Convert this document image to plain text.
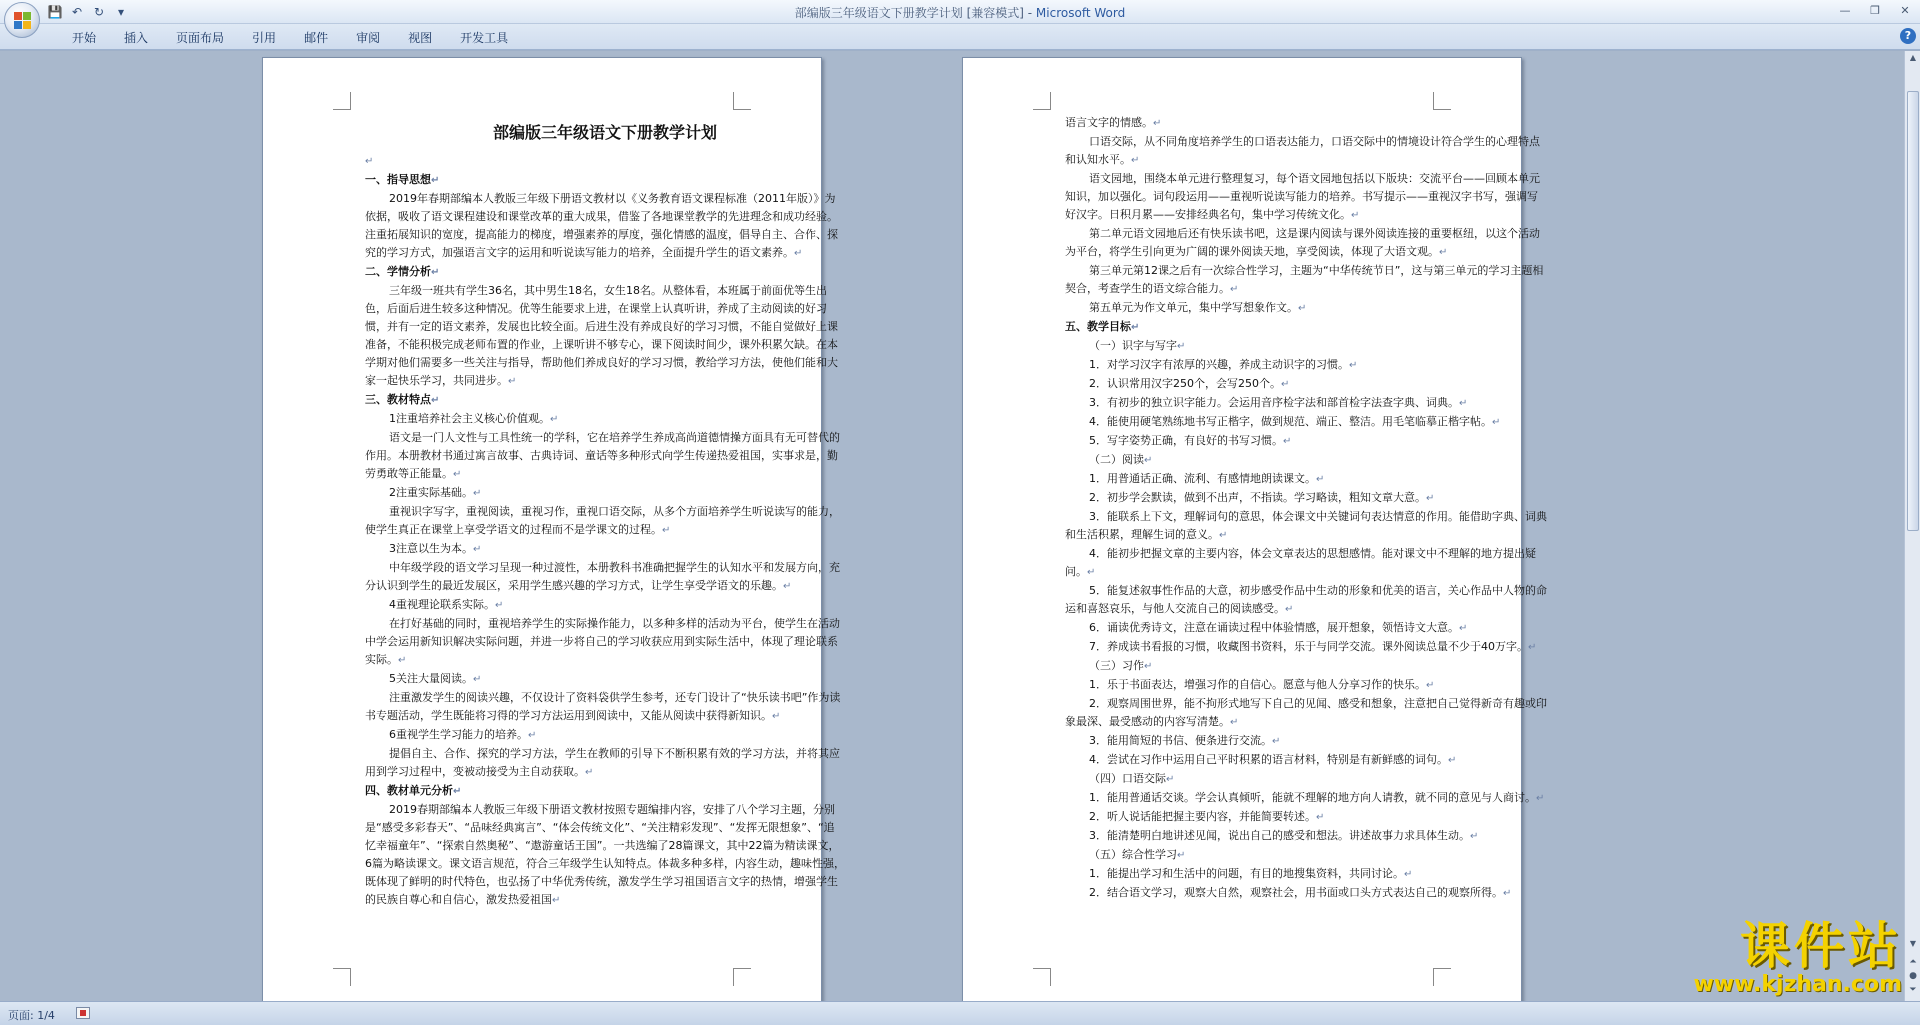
💾 ↶ ↻	▾	部编版三年级语文下册教学计划 [兼容模式] - Microsoft Word	—	❐	✕
开始	插入	页面布局	引用	邮件	审阅	视图	开发工具	?

部编版三年级语文下册教学计划

↵

一、指导思想↵

2019年春期部编本人教版三年级下册语文教材以《义务教育语文课程标准（2011年版）》为依据，吸收了语文课程建设和课堂改革的重大成果，借鉴了各地课堂教学的先进理念和成功经验。注重拓展知识的宽度，提高能力的梯度，增强素养的厚度，强化情感的温度，倡导自主、合作、探究的学习方式，加强语言文字的运用和听说读写能力的培养，全面提升学生的语文素养。↵

二、学情分析↵

三年级一班共有学生36名，其中男生18名，女生18名。从整体看，本班属于前面优等生出色，后面后进生较多这种情况。优等生能要求上进，在课堂上认真听讲，养成了主动阅读的好习惯，并有一定的语文素养，发展也比较全面。后进生没有养成良好的学习习惯，不能自觉做好上课准备，不能积极完成老师布置的作业，上课听讲不够专心，课下阅读时间少，课外积累欠缺。在本学期对他们需要多一些关注与指导，帮助他们养成良好的学习习惯，教给学习方法，使他们能和大家一起快乐学习，共同进步。↵

三、教材特点↵

1注重培养社会主义核心价值观。↵

语文是一门人文性与工具性统一的学科，它在培养学生养成高尚道德情操方面具有无可替代的作用。本册教材书通过寓言故事、古典诗词、童话等多种形式向学生传递热爱祖国，实事求是，勤劳勇敢等正能量。↵

2注重实际基础。↵

重视识字写字，重视阅读，重视习作，重视口语交际，从多个方面培养学生听说读写的能力，使学生真正在课堂上享受学语文的过程而不是学课文的过程。↵

3注意以生为本。↵

中年级学段的语文学习呈现一种过渡性，本册教科书准确把握学生的认知水平和发展方向，充分认识到学生的最近发展区，采用学生感兴趣的学习方式，让学生享受学语文的乐趣。↵

4重视理论联系实际。↵

在打好基础的同时，重视培养学生的实际操作能力，以多种多样的活动为平台，使学生在活动中学会运用新知识解决实际问题，并进一步将自己的学习收获应用到实际生活中，体现了理论联系实际。↵

5关注大量阅读。↵

注重激发学生的阅读兴趣，不仅设计了资料袋供学生参考，还专门设计了“快乐读书吧”作为读书专题活动，学生既能将习得的学习方法运用到阅读中，又能从阅读中获得新知识。↵

6重视学生学习能力的培养。↵

提倡自主、合作、探究的学习方法，学生在教师的引导下不断积累有效的学习方法，并将其应用到学习过程中，变被动接受为主自动获取。↵

四、教材单元分析↵

2019春期部编本人教版三年级下册语文教材按照专题编排内容，安排了八个学习主题，分别是“感受多彩春天”、“品味经典寓言”、“体会传统文化”、“关注精彩发现”、“发挥无限想象”、“追忆幸福童年”、“探索自然奥秘”、“遨游童话王国”。一共选编了28篇课文，其中22篇为精读课文，6篇为略读课文。课文语言规范，符合三年级学生认知特点。体裁多种多样，内容生动，趣味性强，既体现了鲜明的时代特色，也弘扬了中华优秀传统，激发学生学习祖国语言文字的热情，增强学生的民族自尊心和自信心，激发热爱祖国↵

语言文字的情感。↵

口语交际，从不同角度培养学生的口语表达能力，口语交际中的情境设计符合学生的心理特点和认知水平。↵

语文园地，围绕本单元进行整理复习，每个语文园地包括以下版块：交流平台——回顾本单元知识，加以强化。词句段运用——重视听说读写能力的培养。书写提示——重视汉字书写，强调写好汉字。日积月累——安排经典名句，集中学习传统文化。↵

第二单元语文园地后还有快乐读书吧，这是课内阅读与课外阅读连接的重要枢纽，以这个活动为平台，将学生引向更为广阔的课外阅读天地，享受阅读，体现了大语文观。↵

第三单元第12课之后有一次综合性学习，主题为“中华传统节日”，这与第三单元的学习主题相契合，考查学生的语文综合能力。↵

第五单元为作文单元，集中学写想象作文。↵

五、教学目标↵

（一）识字与写字↵

1．对学习汉字有浓厚的兴趣，养成主动识字的习惯。↵

2．认识常用汉字250个，会写250个。↵

3．有初步的独立识字能力。会运用音序检字法和部首检字法查字典、词典。↵

4．能使用硬笔熟练地书写正楷字，做到规范、端正、整洁。用毛笔临摹正楷字帖。↵

5．写字姿势正确，有良好的书写习惯。↵

（二）阅读↵

1．用普通话正确、流利、有感情地朗读课文。↵

2．初步学会默读，做到不出声，不指读。学习略读，粗知文章大意。↵

3．能联系上下文，理解词句的意思，体会课文中关键词句表达情意的作用。能借助字典、词典和生活积累，理解生词的意义。↵

4．能初步把握文章的主要内容，体会文章表达的思想感情。能对课文中不理解的地方提出疑问。↵

5．能复述叙事性作品的大意，初步感受作品中生动的形象和优美的语言，关心作品中人物的命运和喜怒哀乐，与他人交流自己的阅读感受。↵

6．诵读优秀诗文，注意在诵读过程中体验情感，展开想象，领悟诗文大意。↵

7．养成读书看报的习惯，收藏图书资料，乐于与同学交流。课外阅读总量不少于40万字。↵

（三）习作↵

1．乐于书面表达，增强习作的自信心。愿意与他人分享习作的快乐。↵

2．观察周围世界，能不拘形式地写下自己的见闻、感受和想象，注意把自己觉得新奇有趣或印象最深、最受感动的内容写清楚。↵

3．能用简短的书信、便条进行交流。↵

4．尝试在习作中运用自己平时积累的语言材料，特别是有新鲜感的词句。↵

（四）口语交际↵

1．能用普通话交谈。学会认真倾听，能就不理解的地方向人请教，就不同的意见与人商讨。↵

2．听人说话能把握主要内容，并能简要转述。↵

3．能清楚明白地讲述见闻，说出自己的感受和想法。讲述故事力求具体生动。↵

（五）综合性学习↵

1．能提出学习和生活中的问题，有目的地搜集资料，共同讨论。↵

2．结合语文学习，观察大自然，观察社会，用书面或口头方式表达自己的观察所得。↵

▲
▼
⏶
●
⏷
页面: 1/4
课件站
www.kjzhan.com
